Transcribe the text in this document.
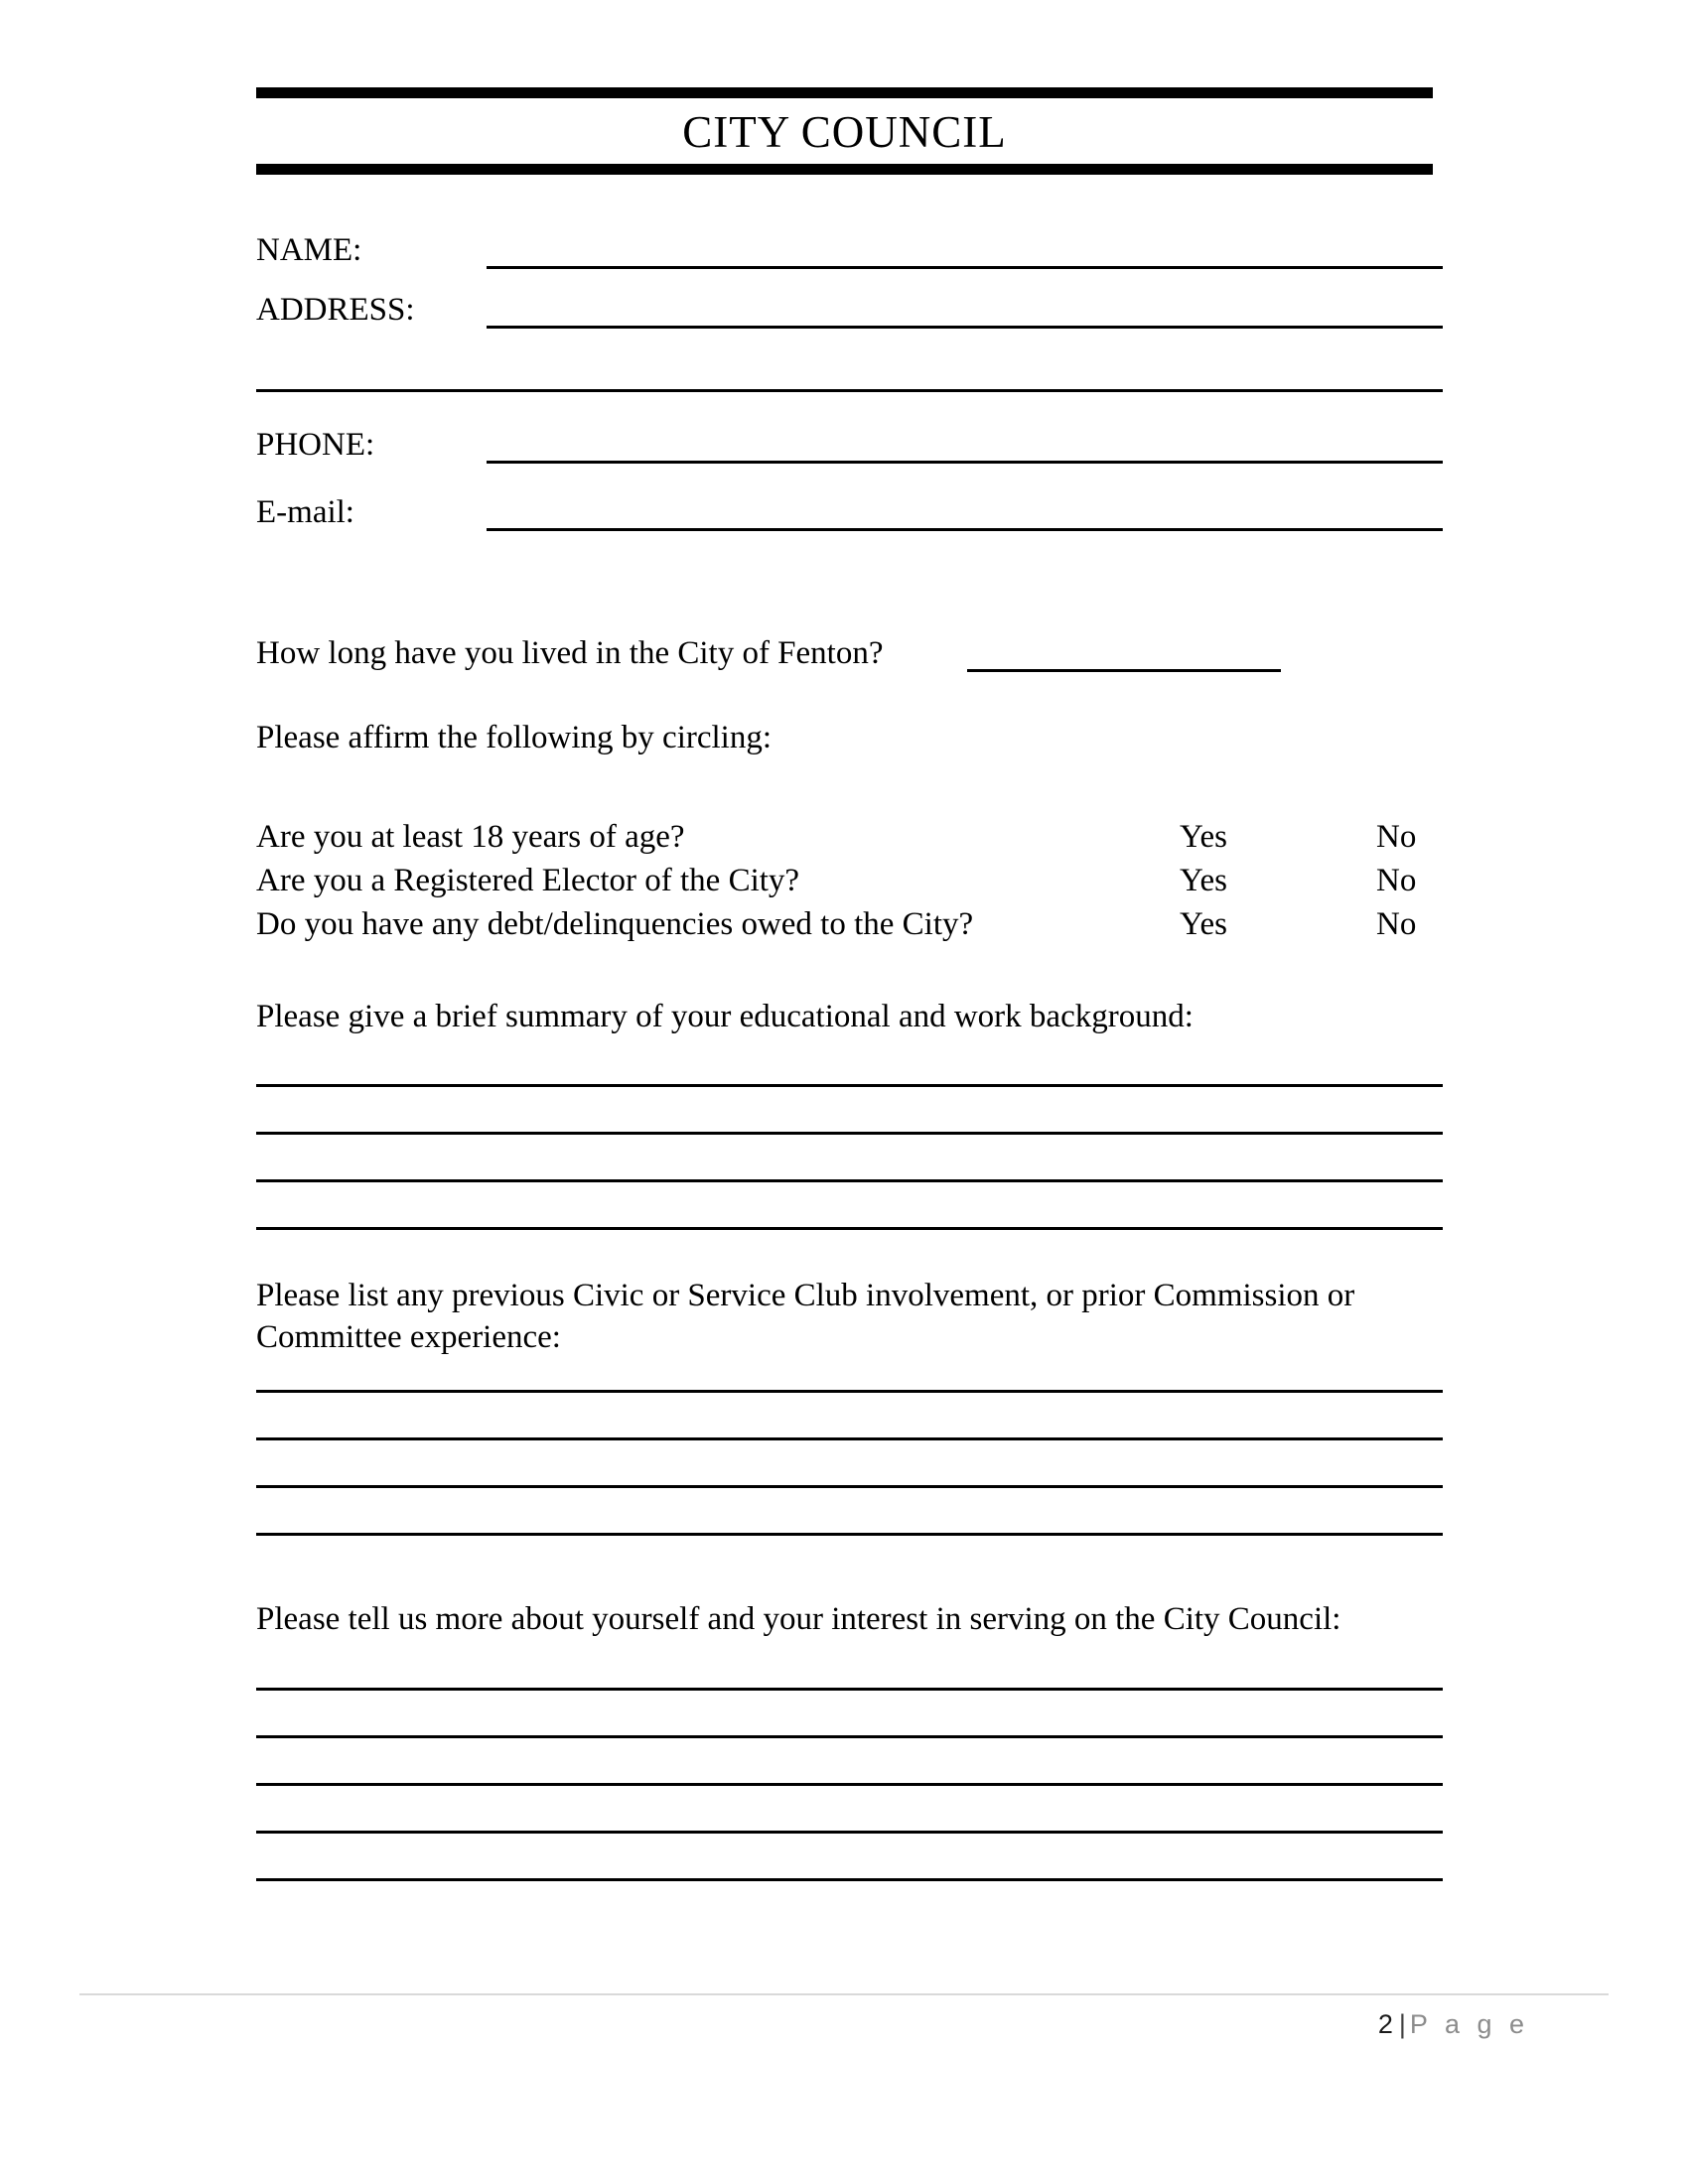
CITY COUNCIL
NAME:
ADDRESS:
PHONE:
E-mail:
How long have you lived in the City of Fenton?
Please affirm the following by circling:
Are you at least 18 years of age?	Yes	No
Are you a Registered Elector of the City?	Yes	No
Do you have any debt/delinquencies owed to the City?	Yes	No
Please give a brief summary of your educational and work background:
Please list any previous Civic or Service Club involvement, or prior Commission or Committee experience:
Please tell us more about yourself and your interest in serving on the City Council:
2 | P a g e
